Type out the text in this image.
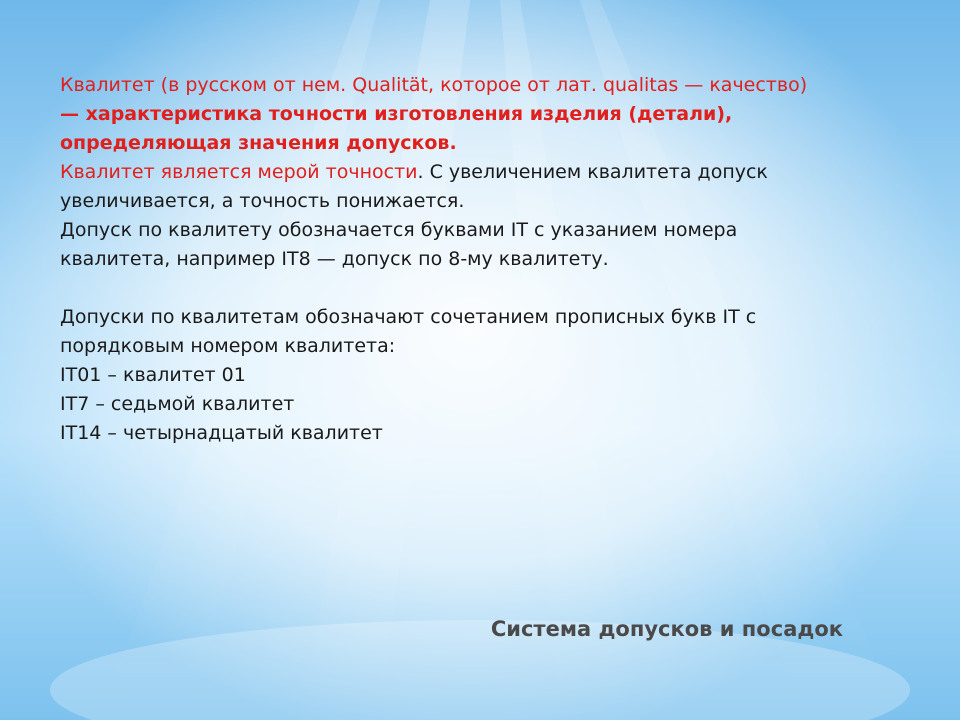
Квалитет (в русском от нем. Qualität, которое от лат. qualitas — качество)
— характеристика точности изготовления изделия (детали),
определяющая значения допусков.

Квалитет является мерой точности. С увеличением квалитета допуск
увеличивается, а точность понижается.

Допуск по квалитету обозначается буквами IT с указанием номера
квалитета, например IT8 — допуск по 8-му квалитету.

Допуски по квалитетам обозначают сочетанием прописных букв IT с
порядковым номером квалитета:
IT01 – квалитет 01
IT7 – седьмой квалитет
IT14 – четырнадцатый квалитет

Система допусков и посадок
